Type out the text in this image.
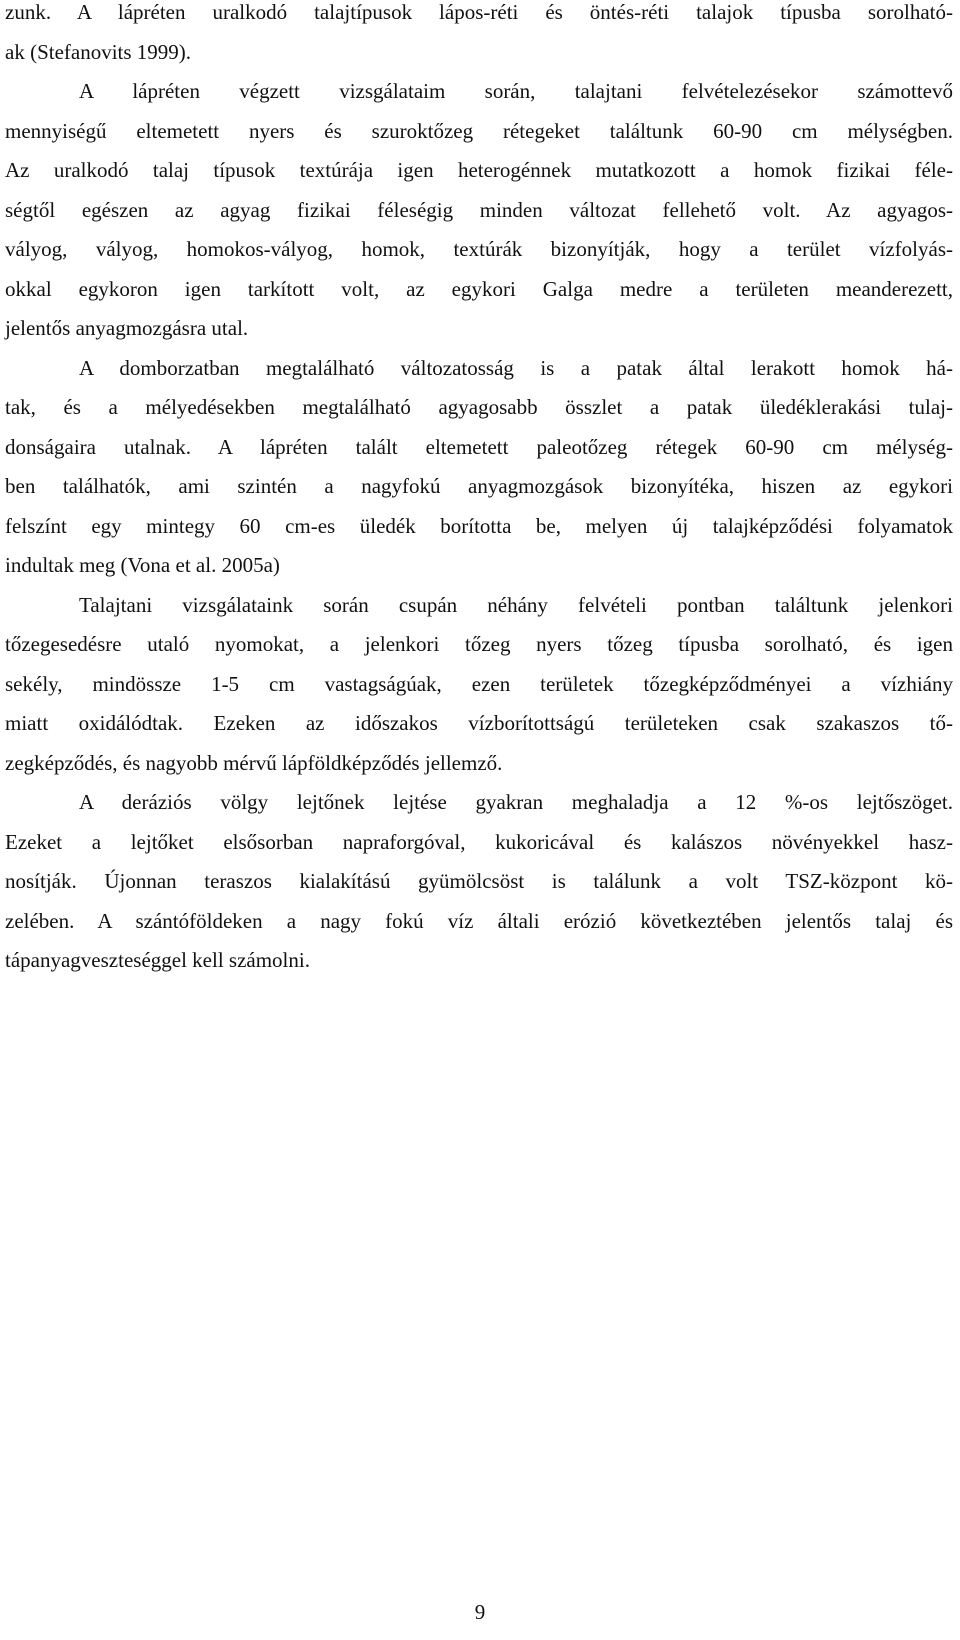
zunk. A lápréten uralkodó talajtípusok lápos-réti és öntés-réti talajok típusba sorolható-
ak (Stefanovits 1999).
A lápréten végzett vizsgálataim során, talajtani felvételezésekor számottevő
mennyiségű eltemetett nyers és szuroktőzeg rétegeket találtunk 60-90 cm mélységben.
Az uralkodó talaj típusok textúrája igen heterogénnek mutatkozott a homok fizikai féle-
ségtől egészen az agyag fizikai féleségig minden változat fellehető volt. Az agyagos-
vályog, vályog, homokos-vályog, homok, textúrák bizonyítják, hogy a terület vízfolyás-
okkal egykoron igen tarkított volt, az egykori Galga medre a területen meanderezett,
jelentős anyagmozgásra utal.
A domborzatban megtalálható változatosság is a patak által lerakott homok há-
tak, és a mélyedésekben megtalálható agyagosabb összlet a patak üledéklerakási tulaj-
donságaira utalnak. A lápréten talált eltemetett paleotőzeg rétegek 60-90 cm mélység-
ben találhatók, ami szintén a nagyfokú anyagmozgások bizonyítéka, hiszen az egykori
felszínt egy mintegy 60 cm-es üledék borította be, melyen új talajképződési folyamatok
indultak meg (Vona et al. 2005a)
Talajtani vizsgálataink során csupán néhány felvételi pontban találtunk jelenkori
tőzegesedésre utaló nyomokat, a jelenkori tőzeg nyers tőzeg típusba sorolható, és igen
sekély, mindössze 1-5 cm vastagságúak, ezen területek tőzegképződményei a vízhiány
miatt oxidálódtak. Ezeken az időszakos vízborítottságú területeken csak szakaszos tő-
zegképződés, és nagyobb mérvű lápföldképződés jellemző.
A deráziós völgy lejtőnek lejtése gyakran meghaladja a 12 %-os lejtőszöget.
Ezeket a lejtőket elsősorban napraforgóval, kukoricával és kalászos növényekkel hasz-
nosítják. Újonnan teraszos kialakítású gyümölcsöst is találunk a volt TSZ-központ kö-
zelében. A szántóföldeken a nagy fokú víz általi erózió következtében jelentős talaj és
tápanyagveszteséggel kell számolni.
9
